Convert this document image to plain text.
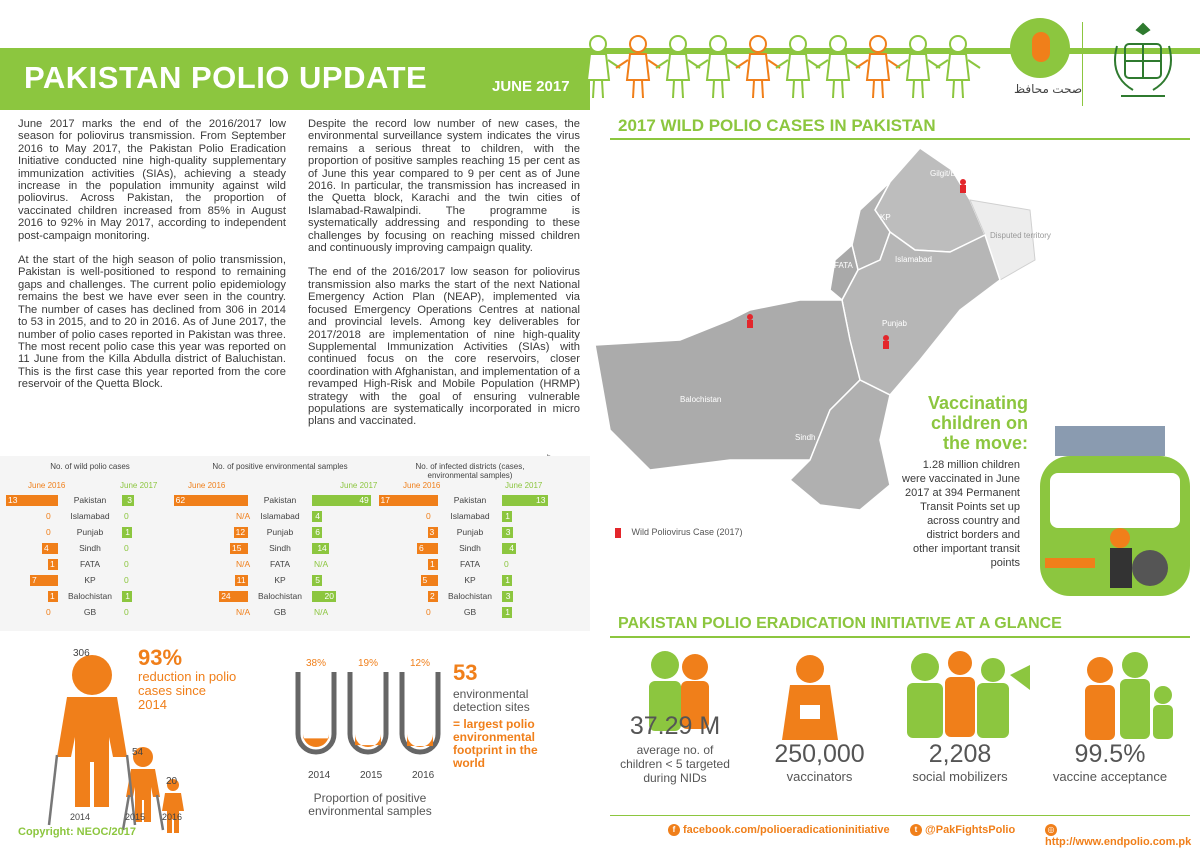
PAKISTAN POLIO UPDATE	JUNE 2017	صحت محافظ

June 2017 marks the end of the 2016/2017 low season for poliovirus transmission. From September 2016 to May 2017, the Pakistan Polio Eradication Initiative conducted nine high-quality supplementary immunization activities (SIAs), achieving a steady increase in the population immunity against wild poliovirus. Across Pakistan, the proportion of vaccinated children increased from 85% in August 2016 to 92% in May 2017, according to independent post-campaign monitoring.

At the start of the high season of polio transmission, Pakistan is well-positioned to respond to remaining gaps and challenges. The current polio epidemiology remains the best we have ever seen in the country. The number of cases has declined from 306 in 2014 to 53 in 2015, and to 20 in 2016. As of June 2017, the number of polio cases reported in Pakistan was three. The most recent polio case this year was reported on 11 June from the Killa Abdulla district of Baluchistan. This is the first case this year reported from the core reservoir of the Quetta Block.

Despite the record low number of new cases, the environmental surveillance system indicates the virus remains a serious threat to children, with the proportion of positive samples reaching 15 per cent as of June this year compared to 9 per cent as of June 2016. In particular, the transmission has increased in the Quetta block, Karachi and the twin cities of Islamabad-Rawalpindi. The programme is systematically addressing and responding to these challenges by focusing on reaching missed children and continuously improving campaign quality.

The end of the 2016/2017 low season for poliovirus transmission also marks the start of the next National Emergency Action Plan (NEAP), implemented via focused Emergency Operations Centres at national and provincial levels. Among key deliverables for 2017/2018 are implementation of nine high-quality Supplemental Immunization Activities (SIAs) with continued focus on the core reservoirs, closer coordination with Afghanistan, and implementation of a revamped High-Risk and Mobile Population (HRMP) strategy with the goal of ensuring vulnerable populations are systematically incorporated in micro plans and vaccinated.

2017 WILD POLIO CASES IN PAKISTAN
Gilgit/Baltistan
KP
Disputed territory
FATA
Islamabad
Punjab
Balochistan
Sindh
Wild Poliovirus Case (2017)
Vaccinating children on the move:
1.28 million children were vaccinated in June 2017 at 394 Permanent Transit Points set up across country and district borders and other important transit points
No. of wild polio cases
June 2016	June 2017
Pakistan
13	3
Islamabad
0	0
Punjab
0	1
Sindh
4	0
FATA
1	0
KP
7	0
Balochistan
1	1
GB
0	0
No. of positive environmental samples
June 2016	June 2017
Pakistan
62	49
Islamabad
N/A	4
Punjab
12	6
Sindh
15	14
FATA
N/A	N/A
KP
11	5
Balochistan
24	20
GB
N/A	N/A
No. of infected districts (cases, environmental samples)
June 2016	June 2017
Pakistan
17	13
Islamabad
0	1
Punjab
3	3
Sindh
6	4
FATA
1	0
KP
5	1
Balochistan
2	3
GB
0	1
306
54
20
2014	2015 2016
93%
reduction in polio cases since 2014
38%
2014
19%
2015
12%
2016
Proportion of positive environmental samples
53
environmental detection sites
= largest polio environmental footprint in the world
PAKISTAN POLIO ERADICATION INITIATIVE AT A GLANCE
37.29 M
average no. of children < 5 targeted during NIDs
250,000
vaccinators
2,208
social mobilizers
99.5%
vaccine acceptance
Copyright: NEOC/2017	f facebook.com/polioeradicationinitiative	t @PakFightsPolio	◎http://www.endpolio.com.pk
